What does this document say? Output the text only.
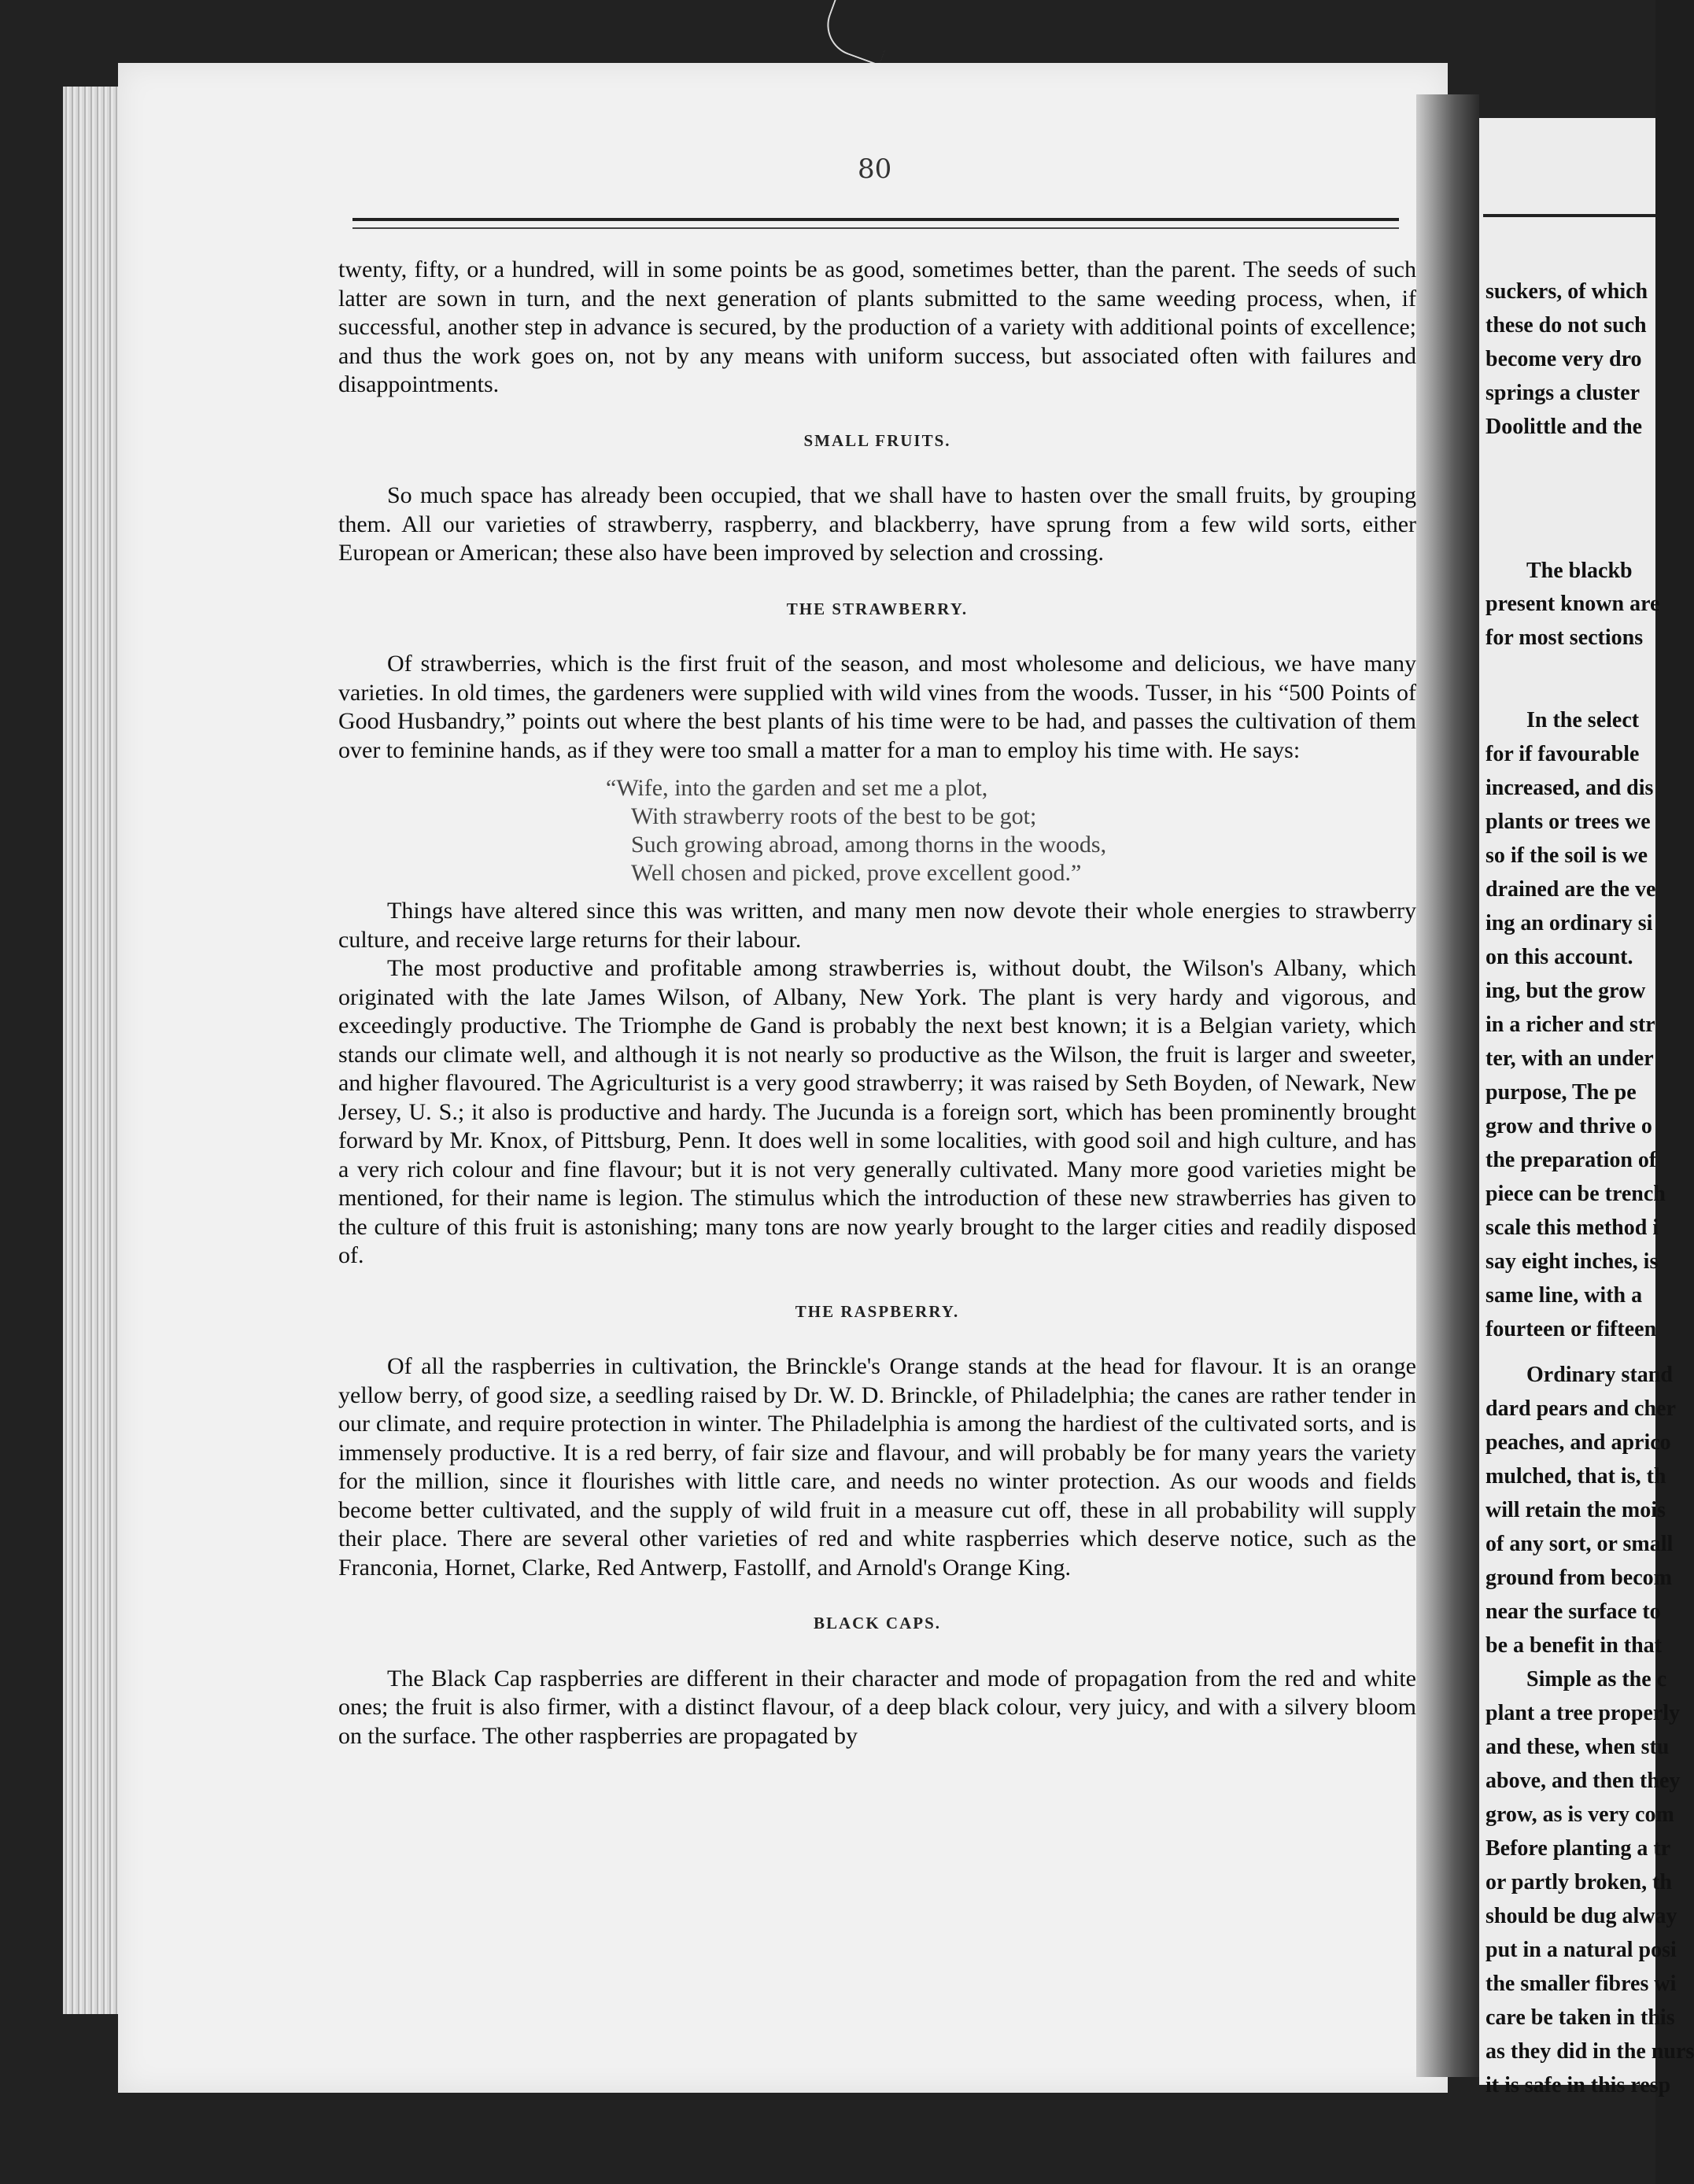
80

twenty, fifty, or a hundred, will in some points be as good, sometimes better, than the parent. The seeds of such latter are sown in turn, and the next generation of plants submitted to the same weeding process, when, if successful, another step in advance is secured, by the production of a variety with additional points of excellence; and thus the work goes on, not by any means with uniform success, but associated often with failures and disappointments.

SMALL FRUITS.

So much space has already been occupied, that we shall have to hasten over the small fruits, by grouping them. All our varieties of strawberry, raspberry, and blackberry, have sprung from a few wild sorts, either European or American; these also have been improved by selection and crossing.

THE STRAWBERRY.

Of strawberries, which is the first fruit of the season, and most wholesome and delicious, we have many varieties. In old times, the gardeners were supplied with wild vines from the woods. Tusser, in his “500 Points of Good Husbandry,” points out where the best plants of his time were to be had, and passes the cultivation of them over to feminine hands, as if they were too small a matter for a man to employ his time with. He says:

“Wife, into the garden and set me a plot,
With strawberry roots of the best to be got;
Such growing abroad, among thorns in the woods,
Well chosen and picked, prove excellent good.”

Things have altered since this was written, and many men now devote their whole energies to strawberry culture, and receive large returns for their labour.

The most productive and profitable among strawberries is, without doubt, the Wilson's Albany, which originated with the late James Wilson, of Albany, New York. The plant is very hardy and vigorous, and exceedingly productive. The Triomphe de Gand is probably the next best known; it is a Belgian variety, which stands our climate well, and although it is not nearly so productive as the Wilson, the fruit is larger and sweeter, and higher flavoured. The Agriculturist is a very good strawberry; it was raised by Seth Boyden, of Newark, New Jersey, U. S.; it also is productive and hardy. The Jucunda is a foreign sort, which has been prominently brought forward by Mr. Knox, of Pittsburg, Penn. It does well in some localities, with good soil and high culture, and has a very rich colour and fine flavour; but it is not very generally cultivated. Many more good varieties might be mentioned, for their name is legion. The stimulus which the introduction of these new strawberries has given to the culture of this fruit is astonishing; many tons are now yearly brought to the larger cities and readily disposed of.

THE RASPBERRY.

Of all the raspberries in cultivation, the Brinckle's Orange stands at the head for flavour. It is an orange yellow berry, of good size, a seedling raised by Dr. W. D. Brinckle, of Philadelphia; the canes are rather tender in our climate, and require protection in winter. The Philadelphia is among the hardiest of the cultivated sorts, and is immensely productive. It is a red berry, of fair size and flavour, and will probably be for many years the variety for the million, since it flourishes with little care, and needs no winter protection. As our woods and fields become better cultivated, and the supply of wild fruit in a measure cut off, these in all probability will supply their place. There are several other varieties of red and white raspberries which deserve notice, such as the Franconia, Hornet, Clarke, Red Antwerp, Fastollf, and Arnold's Orange King.

BLACK CAPS.

The Black Cap raspberries are different in their character and mode of propagation from the red and white ones; the fruit is also firmer, with a distinct flavour, of a deep black colour, very juicy, and with a silvery bloom on the surface. The other raspberries are propagated by

suckers, of which
these do not such
become very dro
springs a cluster
Doolittle and the
The blackb
present known are
for most sections
In the select
for if favourable
increased, and dis
plants or trees we
so if the soil is we
drained are the ve
ing an ordinary si
on this account.
ing, but the grow
in a richer and str
ter, with an under
purpose, The pe
grow and thrive o
the preparation of
piece can be trench
scale this method i
say eight inches, is
same line, with a
fourteen or fifteen
Ordinary stand
dard pears and cher
peaches, and aprico
mulched, that is, th
will retain the mois
of any sort, or small
ground from becom
near the surface to
be a benefit in that
Simple as the c
plant a tree properly
and these, when stu
above, and then they
grow, as is very com
Before planting a tr
or partly broken, th
should be dug alway
put in a natural posi
the smaller fibres wi
care be taken in this
as they did in the nurs
it is safe in this resp
